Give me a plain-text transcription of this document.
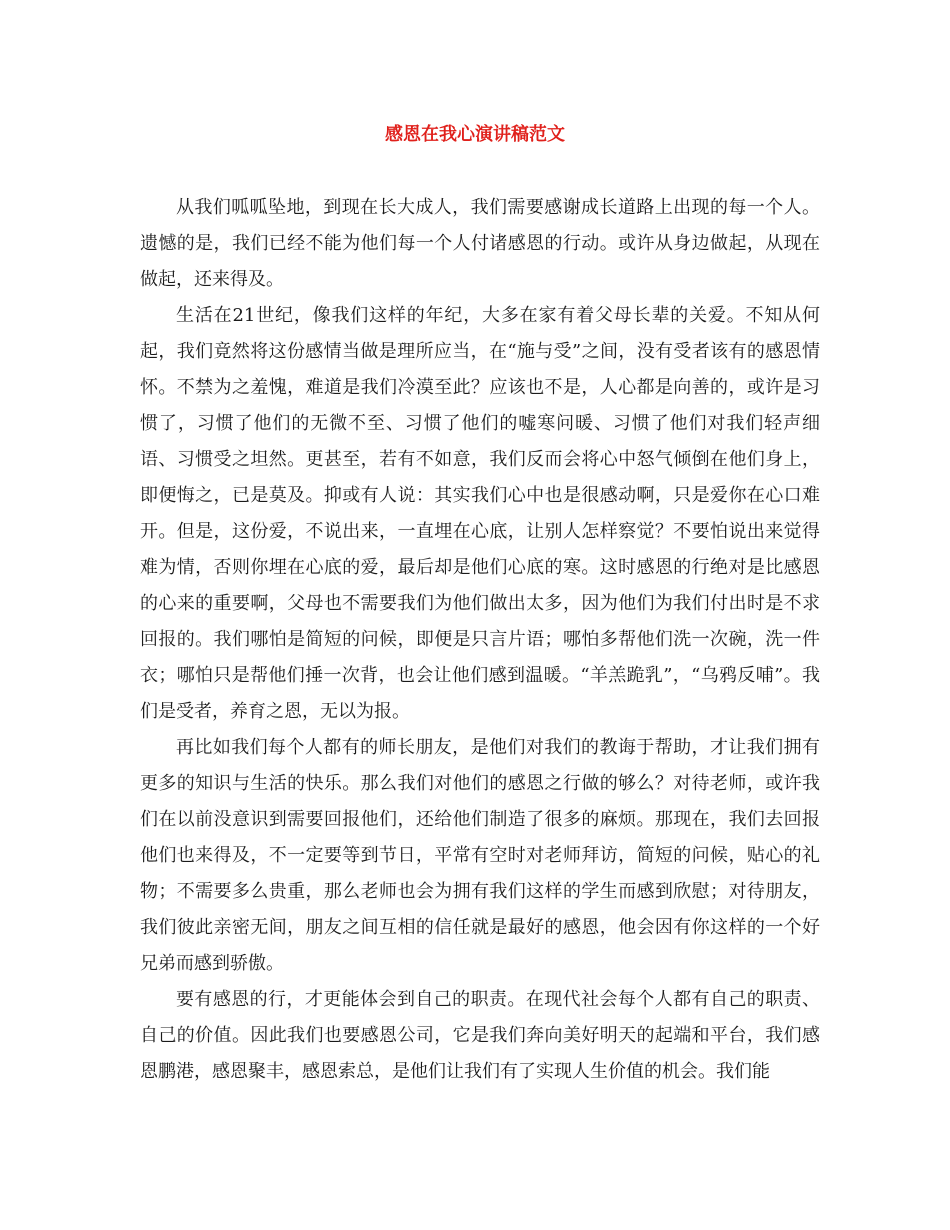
感恩在我心演讲稿范文

从我们呱呱坠地，到现在长大成人，我们需要感谢成长道路上出现的每一个人。遗憾的是，我们已经不能为他们每一个人付诸感恩的行动。或许从身边做起，从现在做起，还来得及。

生活在21世纪，像我们这样的年纪，大多在家有着父母长辈的关爱。不知从何起，我们竟然将这份感情当做是理所应当，在“施与受”之间，没有受者该有的感恩情怀。不禁为之羞愧，难道是我们冷漠至此？应该也不是，人心都是向善的，或许是习惯了，习惯了他们的无微不至、习惯了他们的嘘寒问暖、习惯了他们对我们轻声细语、习惯受之坦然。更甚至，若有不如意，我们反而会将心中怒气倾倒在他们身上，即便悔之，已是莫及。抑或有人说：其实我们心中也是很感动啊，只是爱你在心口难开。但是，这份爱，不说出来，一直埋在心底，让别人怎样察觉？不要怕说出来觉得难为情，否则你埋在心底的爱，最后却是他们心底的寒。这时感恩的行绝对是比感恩的心来的重要啊，父母也不需要我们为他们做出太多，因为他们为我们付出时是不求回报的。我们哪怕是简短的问候，即便是只言片语；哪怕多帮他们洗一次碗，洗一件衣；哪怕只是帮他们捶一次背，也会让他们感到温暖。“羊羔跪乳”，“乌鸦反哺”。我们是受者，养育之恩，无以为报。

再比如我们每个人都有的师长朋友，是他们对我们的教诲于帮助，才让我们拥有更多的知识与生活的快乐。那么我们对他们的感恩之行做的够么？对待老师，或许我们在以前没意识到需要回报他们，还给他们制造了很多的麻烦。那现在，我们去回报他们也来得及，不一定要等到节日，平常有空时对老师拜访，简短的问候，贴心的礼物；不需要多么贵重，那么老师也会为拥有我们这样的学生而感到欣慰；对待朋友，我们彼此亲密无间，朋友之间互相的信任就是最好的感恩，他会因有你这样的一个好兄弟而感到骄傲。

要有感恩的行，才更能体会到自己的职责。在现代社会每个人都有自己的职责、自己的价值。因此我们也要感恩公司，它是我们奔向美好明天的起端和平台，我们感恩鹏港，感恩聚丰，感恩索总，是他们让我们有了实现人生价值的机会。我们能
